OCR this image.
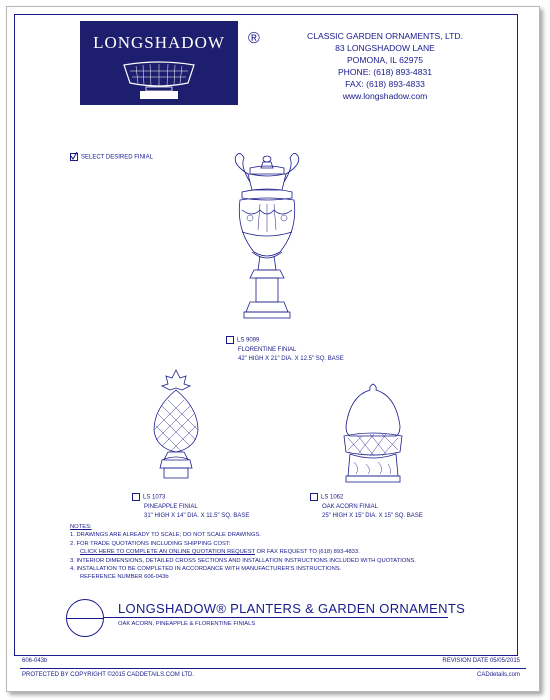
LONGSHADOW	®	CLASSIC GARDEN ORNAMENTS, LTD.
83 LONGSHADOW LANE
POMONA, IL 62975
PHONE: (618) 893-4831
FAX: (618) 893-4833
www.longshadow.com
SELECT DESIRED FINIAL
LS 9099
FLORENTINE FINIAL
42" HIGH X 21" DIA. X 12.5" SQ. BASE
LS 1073
PINEAPPLE FINIAL
31" HIGH X 14" DIA. X 11.5" SQ. BASE
LS 1062
OAK ACORN FINIAL
25" HIGH X 15" DIA. X 15" SQ. BASE
NOTES:
1. DRAWINGS ARE ALREADY TO SCALE; DO NOT SCALE DRAWINGS.
2. FOR TRADE QUOTATIONS INCLUDING SHIPPING COST:
CLICK HERE TO COMPLETE AN ONLINE QUOTATION REQUEST OR FAX REQUEST TO (618) 893-4833.
3. INTERIOR DIMENSIONS, DETAILED CROSS SECTIONS AND INSTALLATION INSTRUCTIONS INCLUDED WITH QUOTATIONS.
4. INSTALLATION TO BE COMPLETED IN ACCORDANCE WITH MANUFACTURER'S INSTRUCTIONS.
REFERENCE NUMBER 606-043b
LONGSHADOW® PLANTERS & GARDEN ORNAMENTS
OAK ACORN, PINEAPPLE & FLORENTINE FINIALS
606-043b	REVISION DATE 05/05/2015
PROTECTED BY COPYRIGHT ©2015 CADDETAILS.COM LTD.	CADdetails.com
